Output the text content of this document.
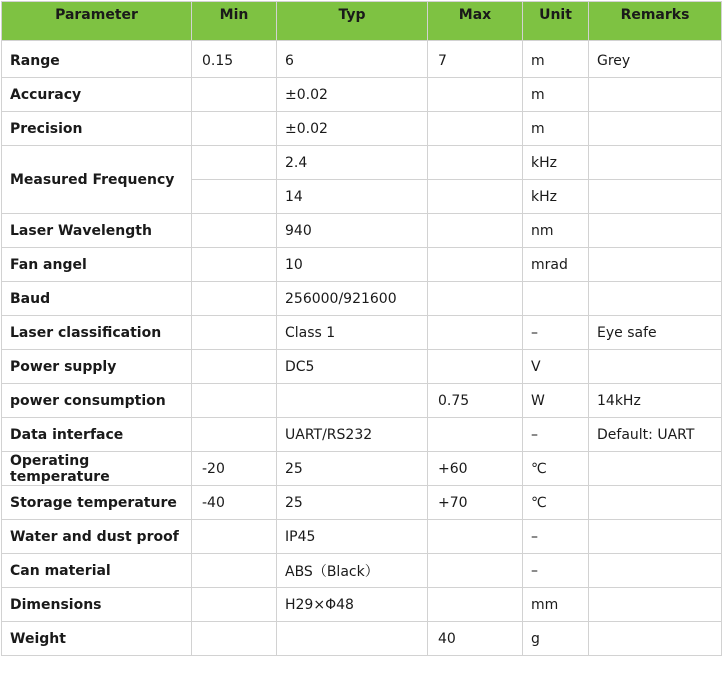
Parameter	Min	Typ	Max	Unit	Remarks
Range	0.15	6	7	m	Grey
Accuracy		±0.02		m	
Precision		±0.02		m	
Measured Frequency		2.4		kHz	
		14		kHz	
Laser Wavelength		940		nm	
Fan angel		10		mrad	
Baud		256000/921600			
Laser classification		Class 1		–	Eye safe
Power supply		DC5		V	
power consumption			0.75	W	14kHz
Data interface		UART/RS232		–	Default: UART
Operating temperature	-20	25	+60	℃	
Storage temperature	-40	25	+70	℃	
Water and dust proof		IP45		–	
Can material		ABS（Black）		–	
Dimensions		H29×Φ48		mm	
Weight			40	g	
